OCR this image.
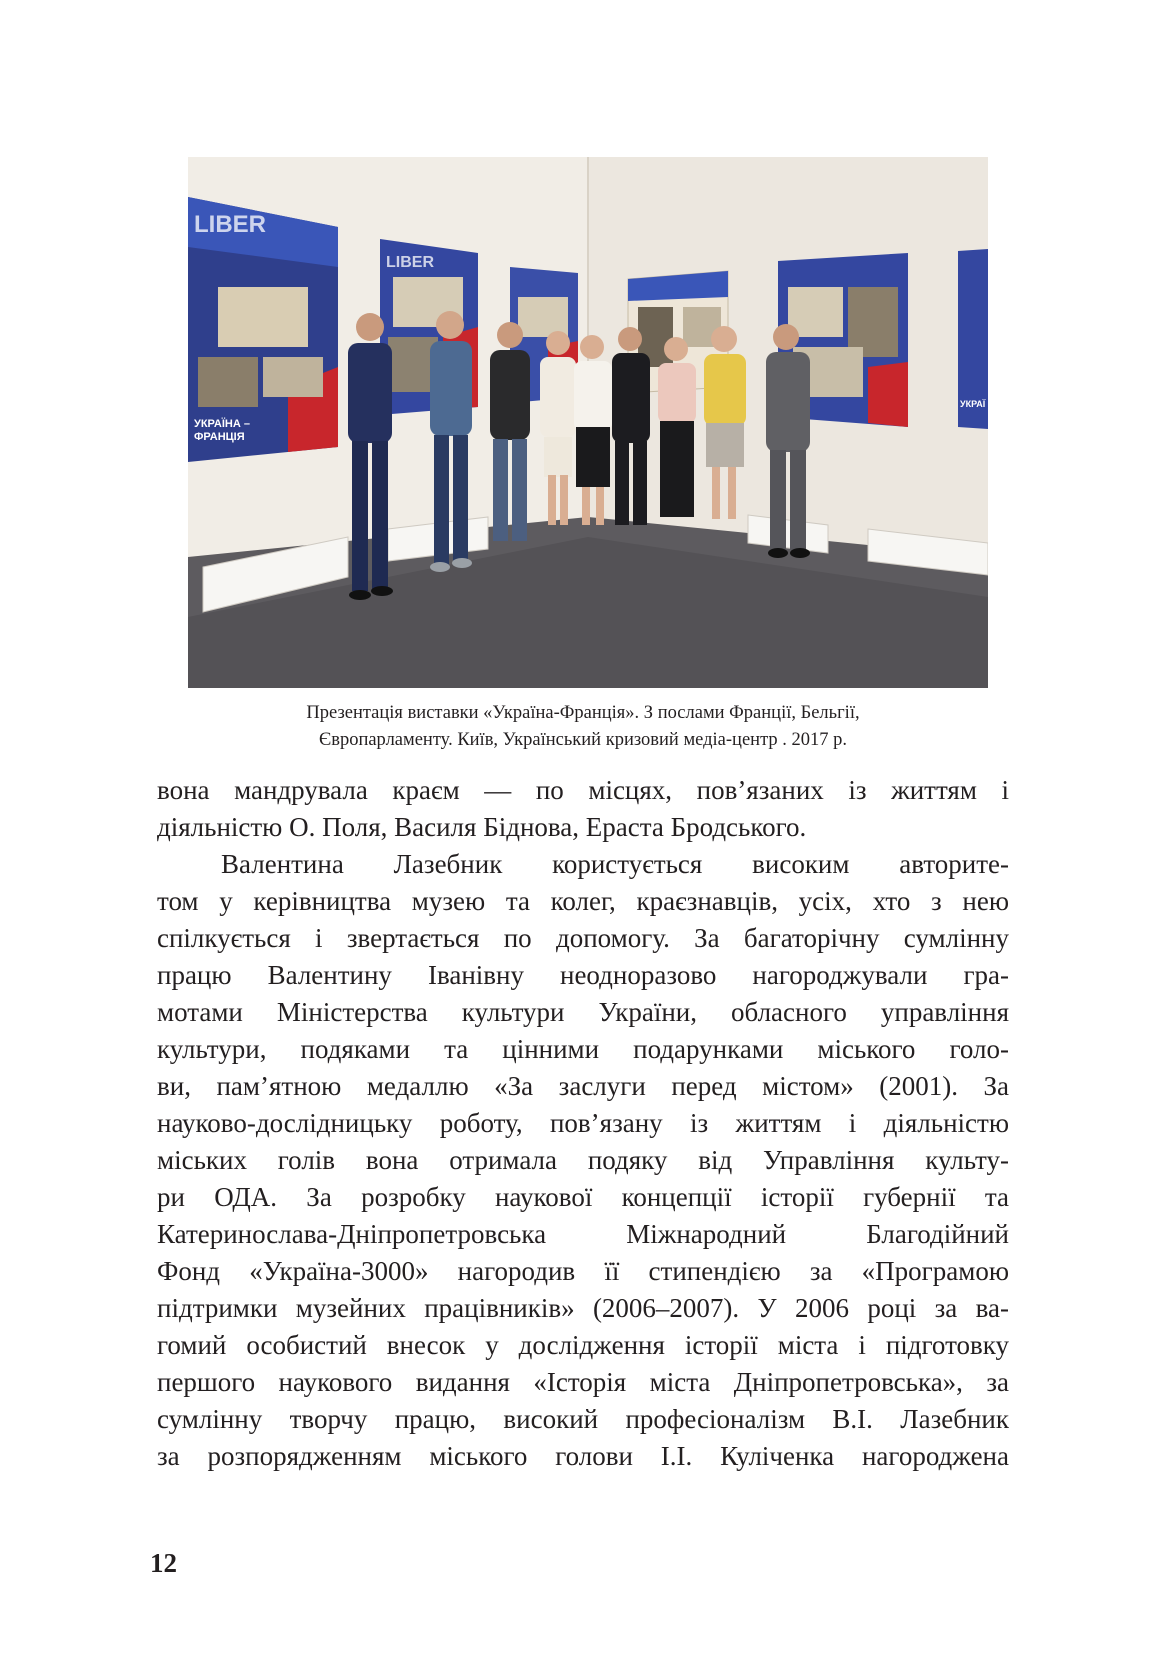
LIBER
УКРАЇНА –
ФРАНЦІЯ
LIBER
УКРАЇ

Презентація виставки «Україна-Франція». З послами Франції, Бельгії,
Європарламенту. Київ, Український кризовий медіа-центр . 2017 р.

вона мандрувала краєм — по місцях, пов’язаних із життям і
діяльністю О. Поля, Василя Біднова, Ераста Бродського.
Валентина Лазебник користується високим авторите-
том у керівництва музею та колег, краєзнавців, усіх, хто з нею
спілкується і звертається по допомогу. За багаторічну сумлінну
працю Валентину Іванівну неодноразово нагороджували гра-
мотами Міністерства культури України, обласного управління
культури, подяками та цінними подарунками міського голо-
ви, пам’ятною медаллю «За заслуги перед містом» (2001). За
науково-дослідницьку роботу, пов’язану із життям і діяльністю
міських голів вона отримала подяку від Управління культу-
ри ОДА. За розробку наукової концепції історії губернії та
Катеринослава-Дніпропетровська Міжнародний Благодійний
Фонд «Україна-3000» нагородив її стипендією за «Програмою
підтримки музейних працівників» (2006–2007). У 2006 році за ва-
гомий особистий внесок у дослідження історії міста і підготовку
першого наукового видання «Історія міста Дніпропетровська», за
сумлінну творчу працю, високий професіоналізм В.І. Лазебник
за розпорядженням міського голови І.І. Куліченка нагороджена

12
